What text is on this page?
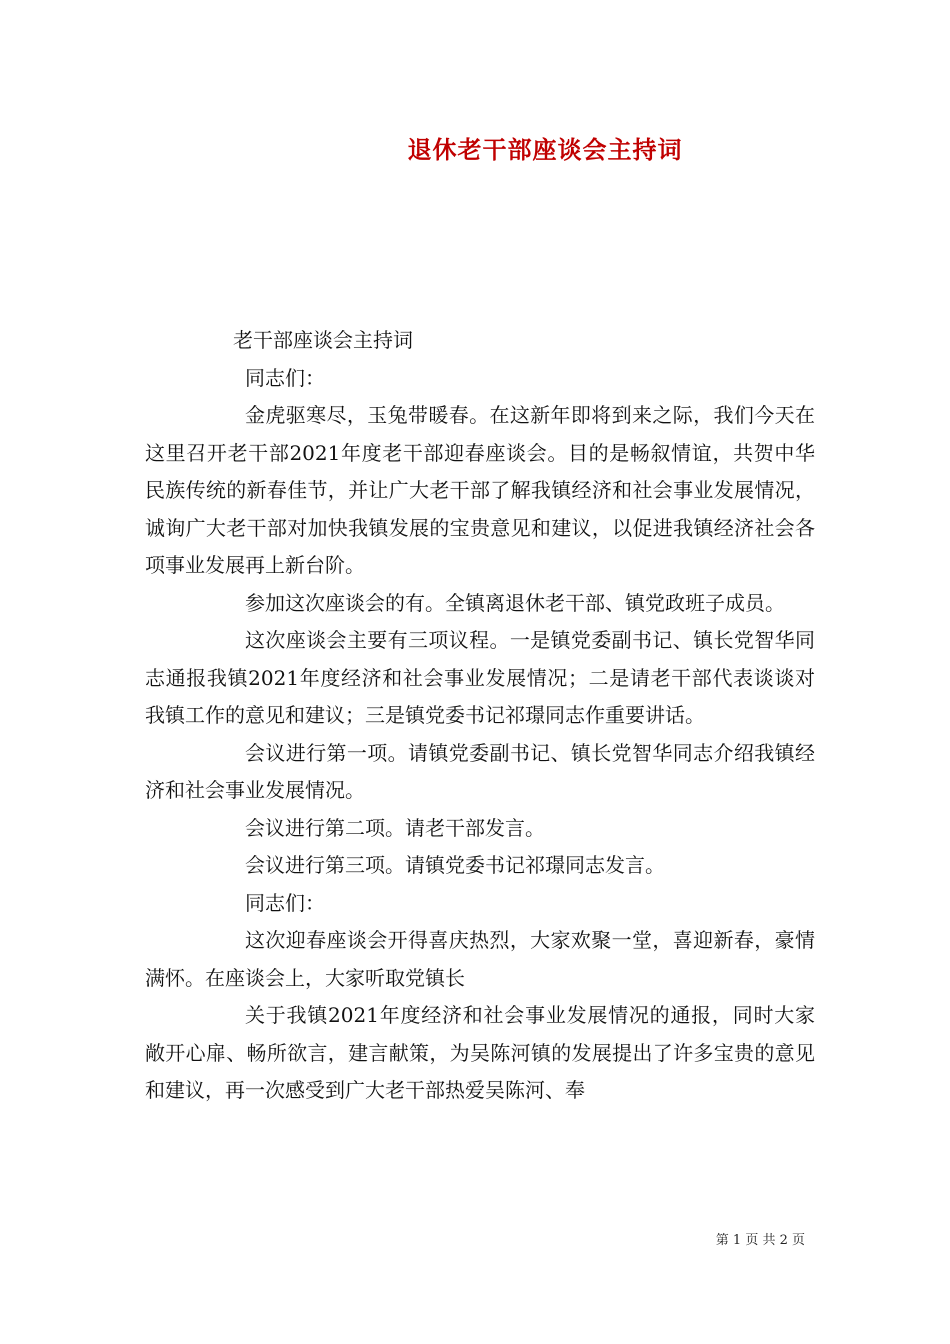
退休老干部座谈会主持词

老干部座谈会主持词

同志们：

金虎驱寒尽，玉兔带暖春。在这新年即将到来之际，我们今天在这里召开老干部2021年度老干部迎春座谈会。目的是畅叙情谊，共贺中华民族传统的新春佳节，并让广大老干部了解我镇经济和社会事业发展情况，诚询广大老干部对加快我镇发展的宝贵意见和建议，以促进我镇经济社会各项事业发展再上新台阶。

参加这次座谈会的有。全镇离退休老干部、镇党政班子成员。

这次座谈会主要有三项议程。一是镇党委副书记、镇长党智华同志通报我镇2021年度经济和社会事业发展情况；二是请老干部代表谈谈对我镇工作的意见和建议；三是镇党委书记祁璟同志作重要讲话。

会议进行第一项。请镇党委副书记、镇长党智华同志介绍我镇经济和社会事业发展情况。

会议进行第二项。请老干部发言。

会议进行第三项。请镇党委书记祁璟同志发言。

同志们：

这次迎春座谈会开得喜庆热烈，大家欢聚一堂，喜迎新春，豪情满怀。在座谈会上，大家听取党镇长

关于我镇2021年度经济和社会事业发展情况的通报，同时大家敞开心扉、畅所欲言，建言献策，为吴陈河镇的发展提出了许多宝贵的意见和建议，再一次感受到广大老干部热爱吴陈河、奉

第 1 页 共 2 页
